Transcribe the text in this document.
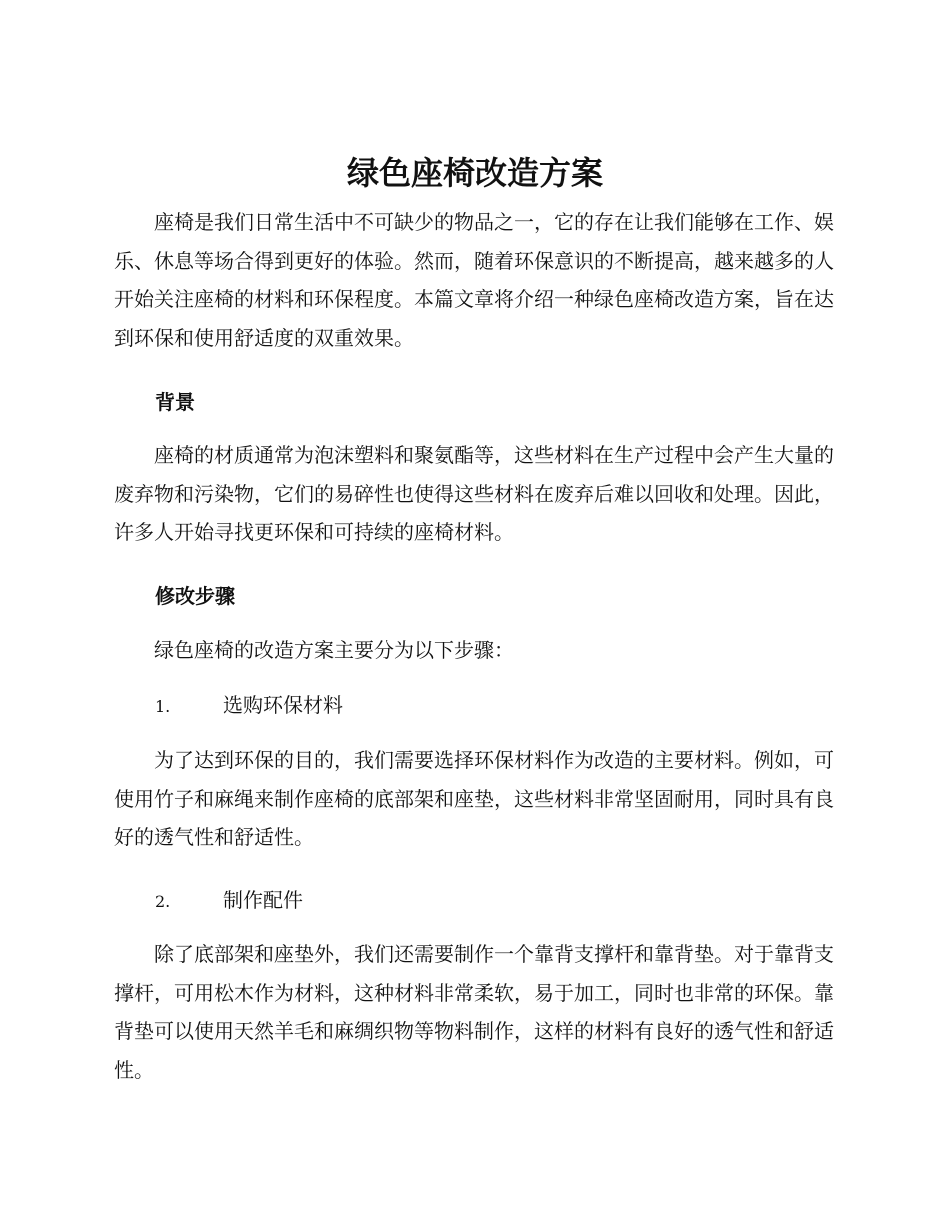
绿色座椅改造方案

座椅是我们日常生活中不可缺少的物品之一，它的存在让我们能够在工作、娱乐、休息等场合得到更好的体验。然而，随着环保意识的不断提高，越来越多的人开始关注座椅的材料和环保程度。本篇文章将介绍一种绿色座椅改造方案，旨在达到环保和使用舒适度的双重效果。

背景

座椅的材质通常为泡沫塑料和聚氨酯等，这些材料在生产过程中会产生大量的废弃物和污染物，它们的易碎性也使得这些材料在废弃后难以回收和处理。因此，许多人开始寻找更环保和可持续的座椅材料。

修改步骤

绿色座椅的改造方案主要分为以下步骤：

1.	选购环保材料

为了达到环保的目的，我们需要选择环保材料作为改造的主要材料。例如，可使用竹子和麻绳来制作座椅的底部架和座垫，这些材料非常坚固耐用，同时具有良好的透气性和舒适性。

2.	制作配件

除了底部架和座垫外，我们还需要制作一个靠背支撑杆和靠背垫。对于靠背支撑杆，可用松木作为材料，这种材料非常柔软，易于加工，同时也非常的环保。靠背垫可以使用天然羊毛和麻绸织物等物料制作，这样的材料有良好的透气性和舒适性。
